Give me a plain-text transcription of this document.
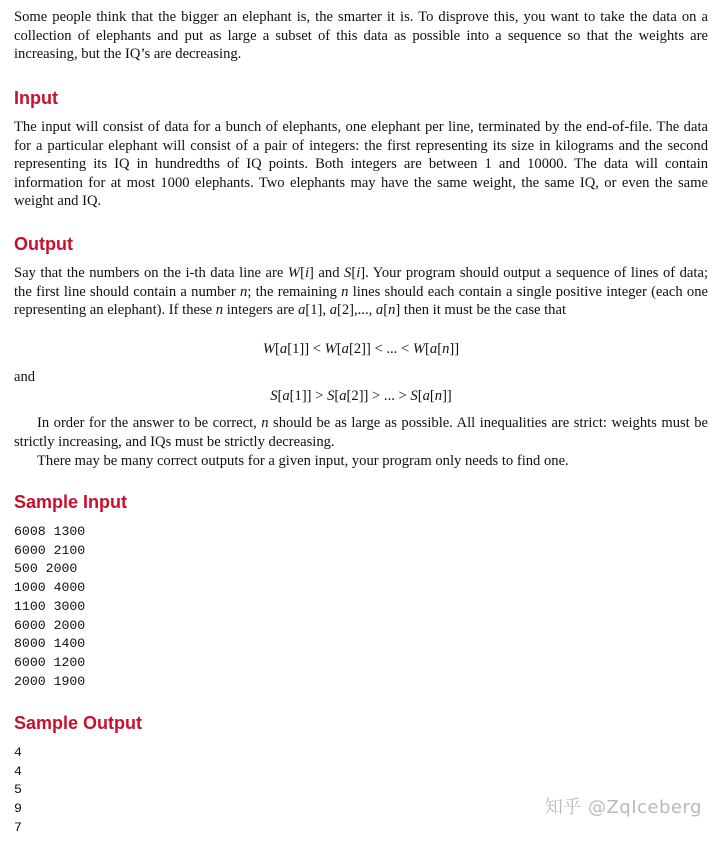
Some people think that the bigger an elephant is, the smarter it is. To disprove this, you want to take the data on a collection of elephants and put as large a subset of this data as possible into a sequence so that the weights are increasing, but the IQ’s are decreasing.

Input

The input will consist of data for a bunch of elephants, one elephant per line, terminated by the end-of-file. The data for a particular elephant will consist of a pair of integers: the first representing its size in kilograms and the second representing its IQ in hundredths of IQ points. Both integers are between 1 and 10000. The data will contain information for at most 1000 elephants. Two elephants may have the same weight, the same IQ, or even the same weight and IQ.

Output

Say that the numbers on the i-th data line are W[i] and S[i]. Your program should output a sequence of lines of data; the first line should contain a number n; the remaining n lines should each contain a single positive integer (each one representing an elephant). If these n integers are a[1], a[2],..., a[n] then it must be the case that

W[a[1]] < W[a[2]] < ... < W[a[n]]

and

S[a[1]] > S[a[2]] > ... > S[a[n]]

In order for the answer to be correct, n should be as large as possible. All inequalities are strict: weights must be strictly increasing, and IQs must be strictly decreasing.

There may be many correct outputs for a given input, your program only needs to find one.

Sample Input
6008 1300
6000 2100
500 2000
1000 4000
1100 3000
6000 2000
8000 1400
6000 1200
2000 1900
Sample Output
4
4
5
9
7
知乎 @ZqIceberg
